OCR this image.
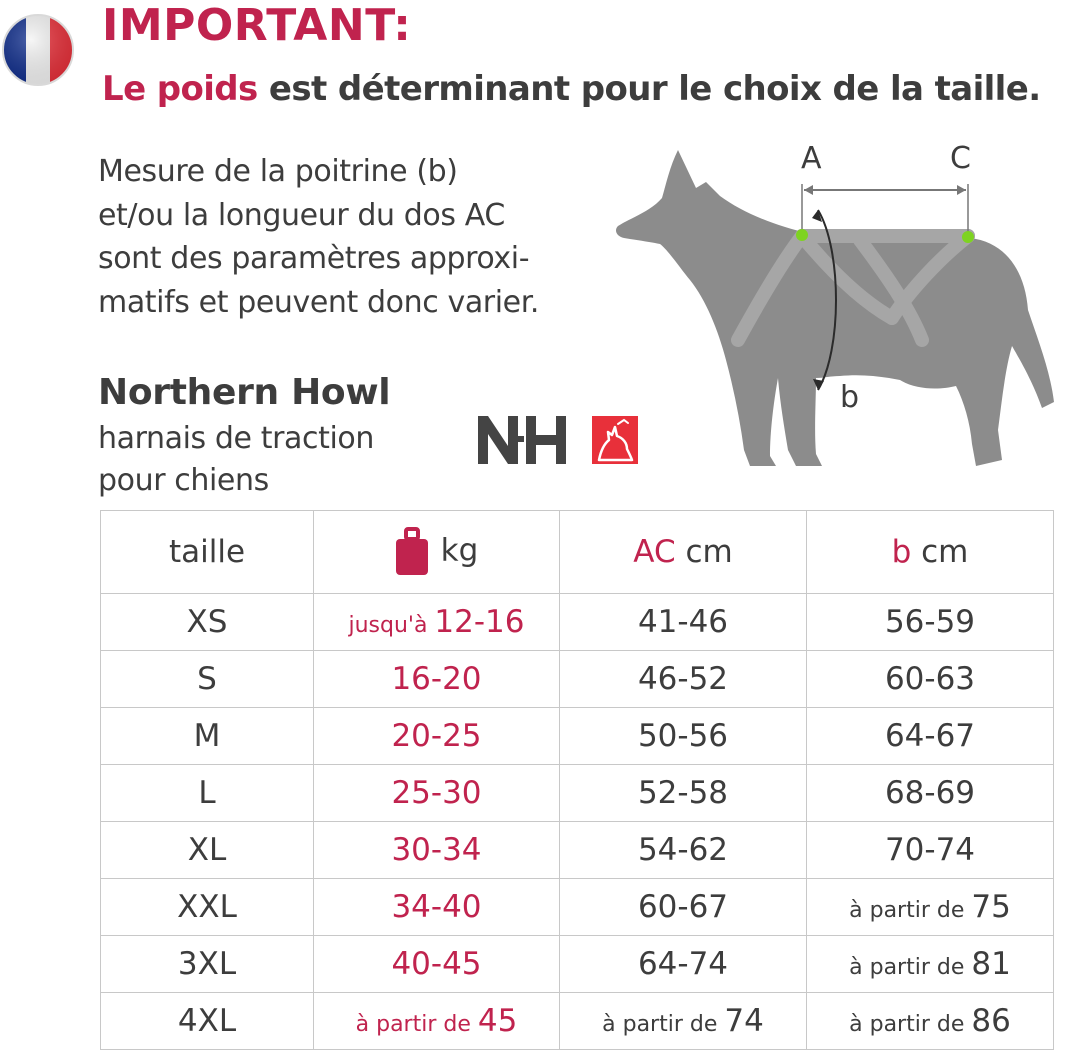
IMPORTANT:

Le poids est déterminant pour le choix de la taille.

Mesure de la poitrine (b)
et/ou la longueur du dos AC
sont des paramètres approxi-
matifs et peuvent donc varier.
Northern Howl
harnais de traction
pour chiens
A	C
b
taille	kg	AC cm	b cm
XS	jusqu'à 12-16	41-46	56-59
S	16-20	46-52	60-63
M	20-25	50-56	64-67
L	25-30	52-58	68-69
XL	30-34	54-62	70-74
XXL	34-40	60-67	à partir de 75
3XL	40-45	64-74	à partir de 81
4XL	à partir de 45	à partir de 74	à partir de 86
